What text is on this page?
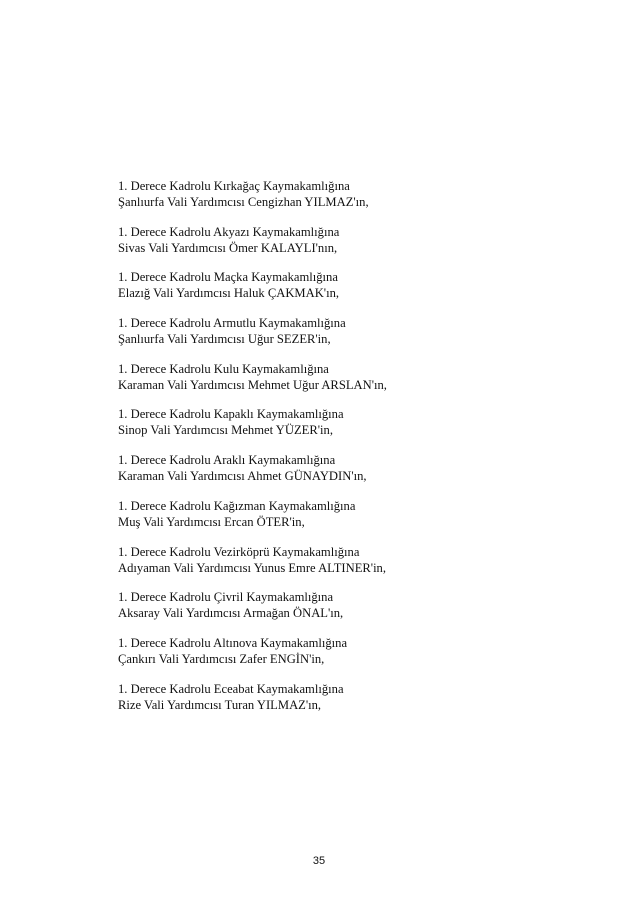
1. Derece Kadrolu Kırkağaç Kaymakamlığına
Şanlıurfa Vali Yardımcısı Cengizhan YILMAZ'ın,
1. Derece Kadrolu Akyazı Kaymakamlığına
Sivas Vali Yardımcısı Ömer KALAYLI'nın,
1. Derece Kadrolu Maçka Kaymakamlığına
Elazığ Vali Yardımcısı Haluk ÇAKMAK'ın,
1. Derece Kadrolu Armutlu Kaymakamlığına
Şanlıurfa Vali Yardımcısı Uğur SEZER'in,
1. Derece Kadrolu Kulu Kaymakamlığına
Karaman Vali Yardımcısı Mehmet Uğur ARSLAN'ın,
1. Derece Kadrolu Kapaklı Kaymakamlığına
Sinop Vali Yardımcısı Mehmet YÜZER'in,
1. Derece Kadrolu Araklı Kaymakamlığına
Karaman Vali Yardımcısı Ahmet GÜNAYDIN'ın,
1. Derece Kadrolu Kağızman Kaymakamlığına
Muş Vali Yardımcısı Ercan ÖTER'in,
1. Derece Kadrolu Vezirköprü Kaymakamlığına
Adıyaman Vali Yardımcısı Yunus Emre ALTINER'in,
1. Derece Kadrolu Çivril Kaymakamlığına
Aksaray Vali Yardımcısı Armağan ÖNAL'ın,
1. Derece Kadrolu Altınova Kaymakamlığına
Çankırı Vali Yardımcısı Zafer ENGİN'in,
1. Derece Kadrolu Eceabat Kaymakamlığına
Rize Vali Yardımcısı Turan YILMAZ'ın,
35
